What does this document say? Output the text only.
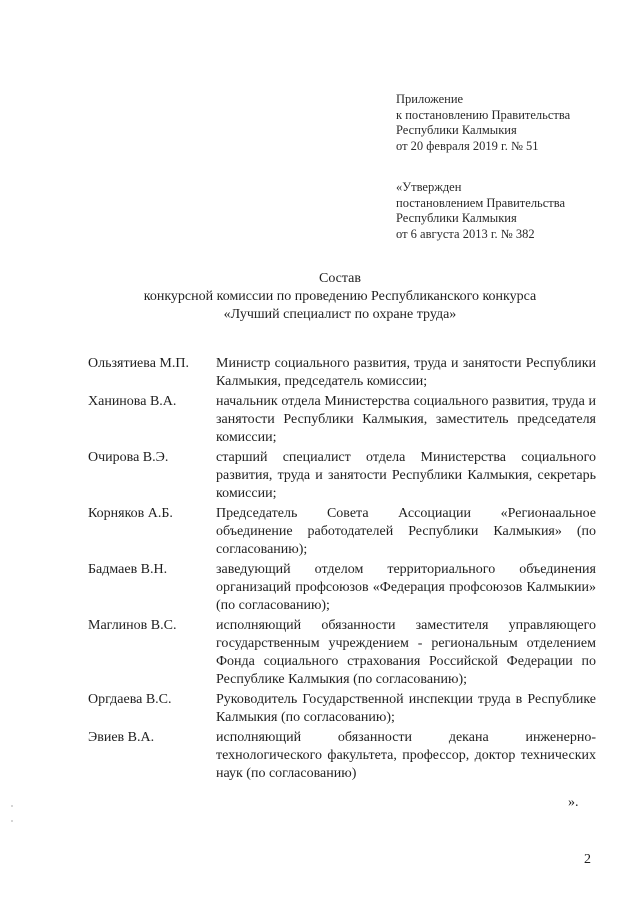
Приложение
к постановлению Правительства
Республики Калмыкия
от 20 февраля 2019 г. № 51
«Утвержден
постановлением Правительства
Республики Калмыкия
от 6 августа 2013 г. № 382
Состав
конкурсной комиссии по проведению Республиканского конкурса
«Лучший специалист по охране труда»
Ользятиева М.П.	Министр социального развития, труда и занятости Республики Калмыкия, председатель комиссии;
Ханинова В.А.	начальник отдела Министерства социального развития, труда и занятости Республики Калмыкия, заместитель председателя комиссии;
Очирова В.Э.	старший специалист отдела Министерства социального развития, труда и занятости Республики Калмыкия, секретарь комиссии;
Корняков А.Б.	Председатель Совета Ассоциации «Регионаальное объединение работодателей Республики Калмыкия» (по согласованию);
Бадмаев В.Н.	заведующий отделом территориального объединения организаций профсоюзов «Федерация профсоюзов Калмыкии» (по согласованию);
Маглинов В.С.	исполняющий обязанности заместителя управляющего государственным учреждением - региональным отделением Фонда социального страхования Российской Федерации по Республике Калмыкия (по согласованию);
Оргдаева В.С.	Руководитель Государственной инспекции труда в Республике Калмыкия (по согласованию);
Эвиев В.А.	исполняющий обязанности декана инженерно-технологического факультета, профессор, доктор технических наук (по согласованию)
».
2
